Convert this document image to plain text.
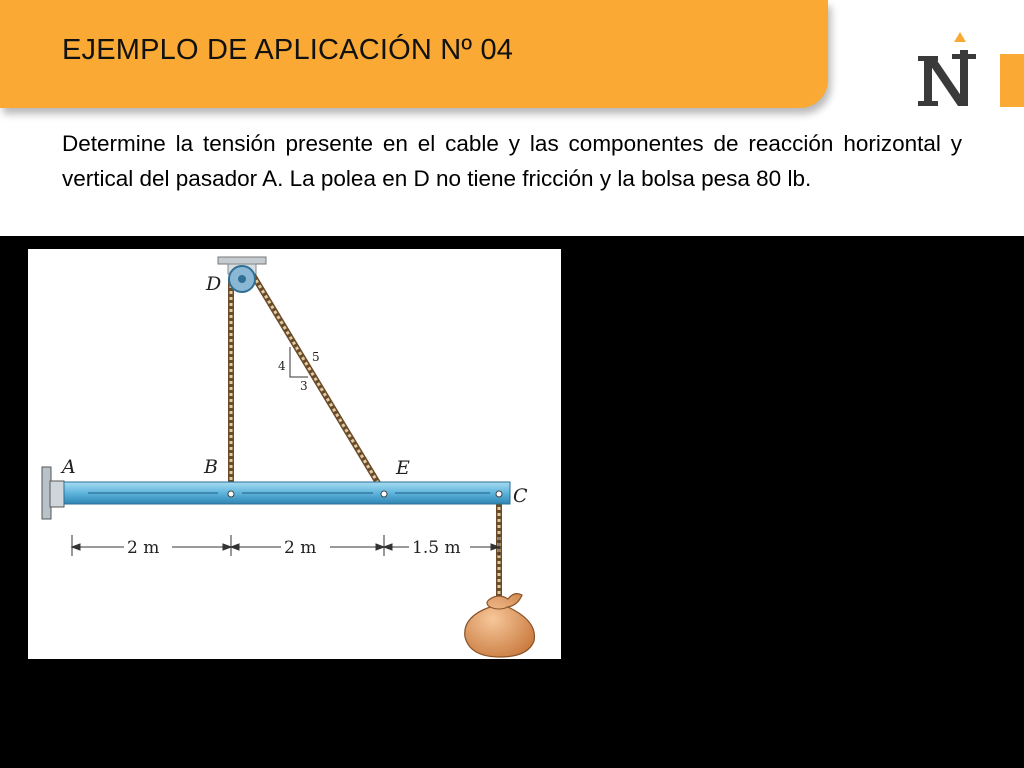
EJEMPLO DE APLICACIÓN Nº 04
Determine la tensión presente en el cable y las componentes de reacción horizontal y vertical del pasador A. La polea en D no tiene fricción y la bolsa pesa 80 lb.
4
3
5
A	B
C
D
E
2 m	2 m	1.5 m
